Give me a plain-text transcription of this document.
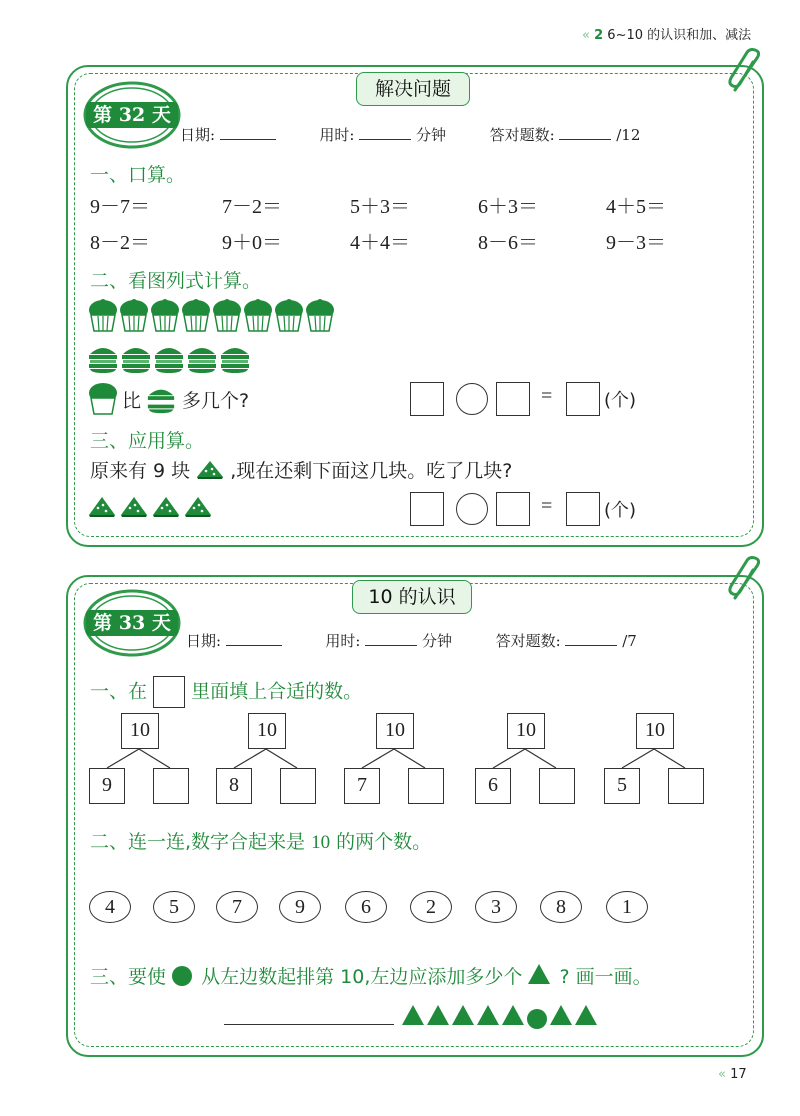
« 2 6~10 的认识和加、减法
解决问题
第 32 天
日期:	用时:	分钟	答对题数:	/12
一、口算。
9－7＝	7－2＝	5＋3＝	6＋3＝	4＋5＝
8－2＝	9＋0＝	4＋4＝	8－6＝	9－3＝
二、看图列式计算。
比 多几个?	=	(个)
三、应用算。
原来有 9 块 ,现在还剩下面这几块。吃了几块?
=	(个)
10 的认识
第 33 天
日期:	用时:	分钟	答对题数:	/7
一、在 里面填上合适的数。
10
9
10
8
10
7
10
6
10
5
二、连一连,数字合起来是 10 的两个数。
4	5	7	9	6	2	3	8	1
三、要使 从左边数起排第 10,左边应添加多少个 ? 画一画。
« 17
